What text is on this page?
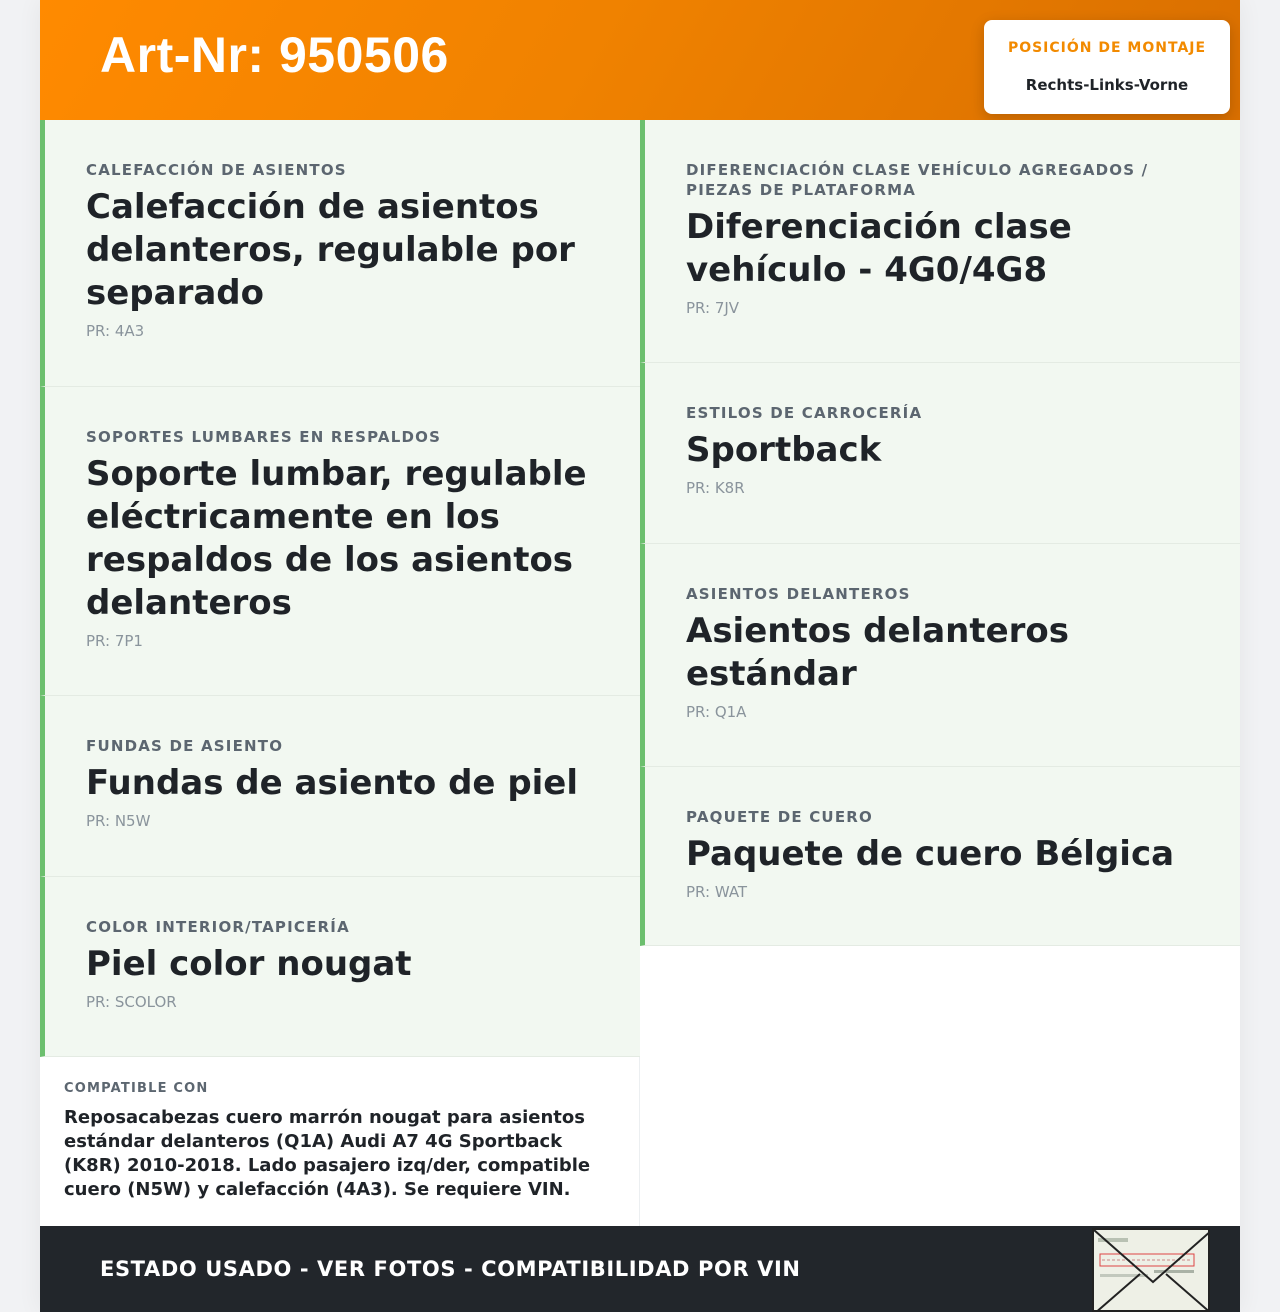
Art-Nr: 950506	POSICIÓN DE MONTAJE
Rechts-Links-Vorne
CALEFACCIÓN DE ASIENTOS
Calefacción de asientos delanteros, regulable por separado
PR: 4A3
SOPORTES LUMBARES EN RESPALDOS
Soporte lumbar, regulable eléctricamente en los respaldos de los asientos delanteros
PR: 7P1
FUNDAS DE ASIENTO
Fundas de asiento de piel
PR: N5W
COLOR INTERIOR/TAPICERÍA
Piel color nougat
PR: SCOLOR
DIFERENCIACIÓN CLASE VEHÍCULO AGREGADOS / PIEZAS DE PLATAFORMA
Diferenciación clase vehículo - 4G0/4G8
PR: 7JV
ESTILOS DE CARROCERÍA
Sportback
PR: K8R
ASIENTOS DELANTEROS
Asientos delanteros estándar
PR: Q1A
PAQUETE DE CUERO
Paquete de cuero Bélgica
PR: WAT
COMPATIBLE CON
Reposacabezas cuero marrón nougat para asientos estándar delanteros (Q1A) Audi A7 4G Sportback (K8R) 2010-2018. Lado pasajero izq/der, compatible cuero (N5W) y calefacción (4A3). Se requiere VIN.
ESTADO USADO - VER FOTOS - COMPATIBILIDAD POR VIN
